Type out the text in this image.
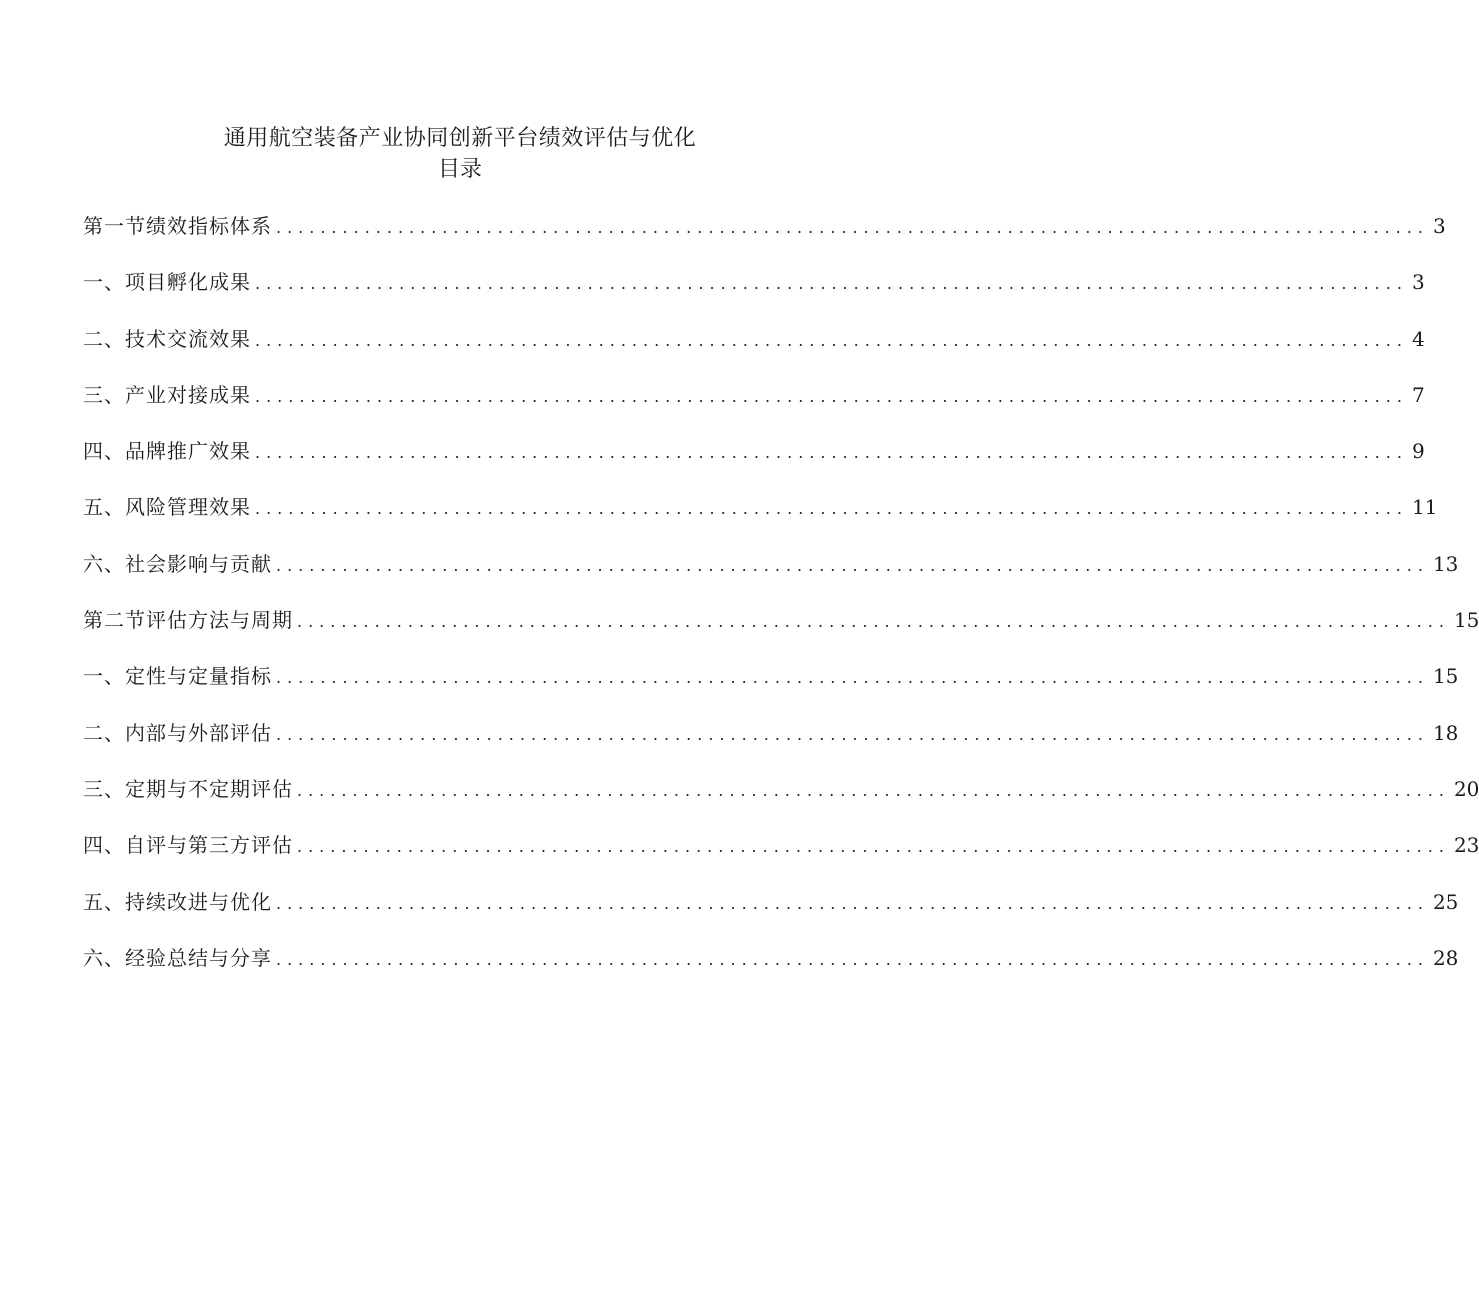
通用航空装备产业协同创新平台绩效评估与优化
目录
第一节绩效指标体系 ........................................................................................................ 3
一、项目孵化成果 ........................................................................................................ 3
二、技术交流效果 ........................................................................................................ 4
三、产业对接成果 ........................................................................................................ 7
四、品牌推广效果 ........................................................................................................ 9
五、风险管理效果 ........................................................................................................ 11
六、社会影响与贡献 ........................................................................................................ 13
第二节评估方法与周期 ........................................................................................................ 15
一、定性与定量指标 ........................................................................................................ 15
二、内部与外部评估 ........................................................................................................ 18
三、定期与不定期评估 ........................................................................................................ 20
四、自评与第三方评估 ........................................................................................................ 23
五、持续改进与优化 ........................................................................................................ 25
六、经验总结与分享 ........................................................................................................ 28
